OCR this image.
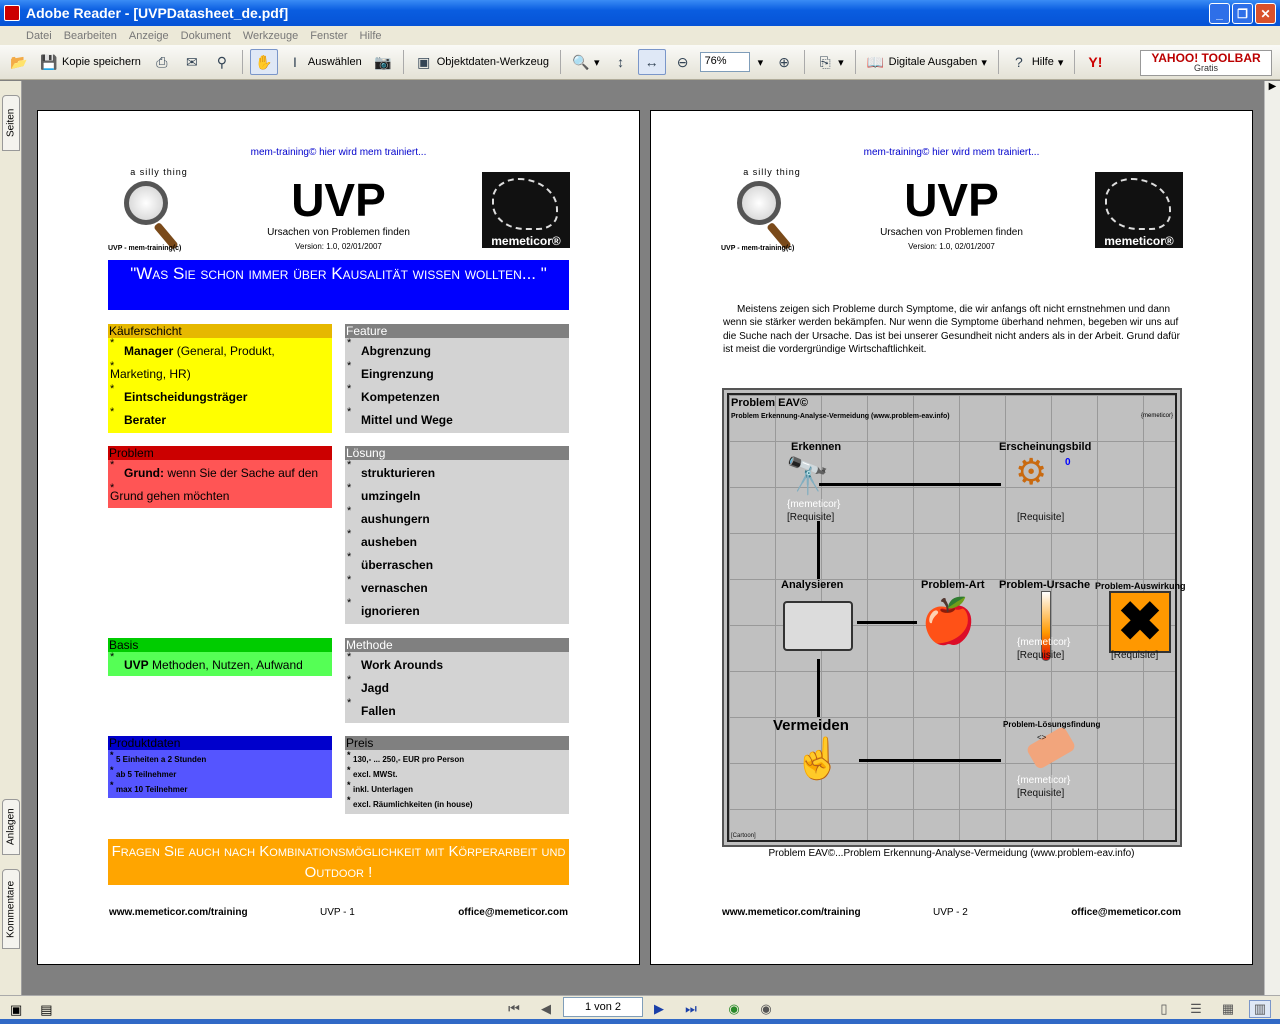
Adobe Reader - [UVPDatasheet_de.pdf]	_	❐	✕
Datei	Bearbeiten	Anzeige	Dokument	Werkzeuge	Fenster	Hilfe
📂 💾 Kopie speichern ⎙ ✉ ⚲ ✋	I	Auswählen 📷 ▣ Objektdaten-Werkzeug 🔍 ▾	↕	↔ ⊖	76%	▾ ⊕ ⎘ ▾ 📖 Digitale Ausgaben ▾	? Hilfe ▾ Y!	YAHOO! TOOLBAR
Gratis
Seiten
Anlagen
Kommentare
▶
mem-training© hier wird mem trainiert...
a silly thing
UVP - mem-training(c)
UVP
Ursachen von Problemen finden
Version: 1.0, 02/01/2007	memeticor®
"Was Sie schon immer über Kausalität wissen wollten... "
Käuferschicht
* Manager (General, Produkt,
* Marketing, HR)
* Eintscheidungsträger
* Berater
Feature
* Abgrenzung
* Eingrenzung
* Kompetenzen
* Mittel und Wege
Problem
* Grund: wenn Sie der Sache auf den
* Grund gehen möchten
Lösung
* strukturieren
* umzingeln
* aushungern
* ausheben
* überraschen
* vernaschen
* ignorieren
Basis
* UVP Methoden, Nutzen, Aufwand
Methode
* Work Arounds
* Jagd
* Fallen
Produktdaten
* 5 Einheiten a 2 Stunden
* ab 5 Teilnehmer
* max 10 Teilnehmer
Preis
* 130,- ... 250,- EUR pro Person
* excl. MWSt.
* inkl. Unterlagen
* excl. Räumlichkeiten (in house)
Fragen Sie auch nach Kombinationsmöglichkeit mit Körperarbeit und Outdoor !
www.memeticor.com/training	UVP - 1	office@memeticor.com
mem-training© hier wird mem trainiert...
a silly thing
UVP - mem-training(c)
UVP
Ursachen von Problemen finden
Version: 1.0, 02/01/2007	memeticor®
Meistens zeigen sich Probleme durch Symptome, die wir anfangs oft nicht ernstnehmen und dann wenn sie stärker werden bekämpfen. Nur wenn die Symptome überhand nehmen, begeben wir uns auf die Suche nach der Ursache. Das ist bei unserer Gesundheit nicht anders als in der Arbeit. Grund dafür ist meist die vordergründige Wirtschaftlichkeit.
Problem EAV©
Problem Erkennung-Analyse-Vermeidung (www.problem-eav.info)	{memeticor}
Erkennen	Erscheinungsbild
Analysieren	Problem-Art Problem-Ursache Problem-Auswirkung
Vermeiden	Problem-Lösungsfindung
🔭
{memeticor}
[Requisite]
⚙ 0
[Requisite]
🍎	{memeticor}
[Requisite]
✖
[Requisite]
☝	<>
{memeticor}
[Requisite]
[Cartoon]
Problem EAV©...Problem Erkennung-Analyse-Vermeidung (www.problem-eav.info)
www.memeticor.com/training	UVP - 2	office@memeticor.com
▣ ▤	⏮	◀	1 von 2	▶	⏭	◉	◉	▯	☰	▦	▥
